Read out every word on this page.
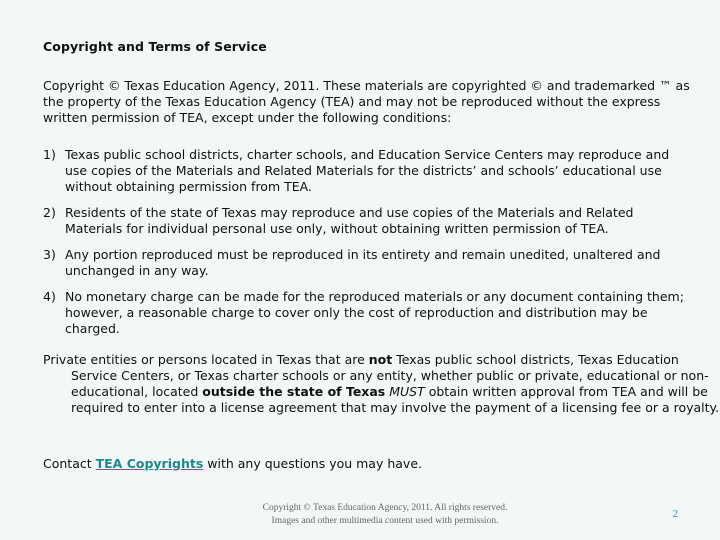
Copyright and Terms of Service
Copyright © Texas Education Agency, 2011. These materials are copyrighted © and trademarked ™ as the property of the Texas Education Agency (TEA) and may not be reproduced without the express written permission of TEA, except under the following conditions:
1) Texas public school districts, charter schools, and Education Service Centers may reproduce and use copies of the Materials and Related Materials for the districts’ and schools’ educational use without obtaining permission from TEA.
2) Residents of the state of Texas may reproduce and use copies of the Materials and Related Materials for individual personal use only, without obtaining written permission of TEA.
3) Any portion reproduced must be reproduced in its entirety and remain unedited, unaltered and unchanged in any way.
4) No monetary charge can be made for the reproduced materials or any document containing them; however, a reasonable charge to cover only the cost of reproduction and distribution may be charged.
Private entities or persons located in Texas that are not Texas public school districts, Texas Education Service Centers, or Texas charter schools or any entity, whether public or private, educational or non-educational, located outside the state of Texas MUST obtain written approval from TEA and will be required to enter into a license agreement that may involve the payment of a licensing fee or a royalty.
Contact TEA Copyrights with any questions you may have.
Copyright © Texas Education Agency, 2011. All rights reserved.
Images and other multimedia content used with permission.
2
